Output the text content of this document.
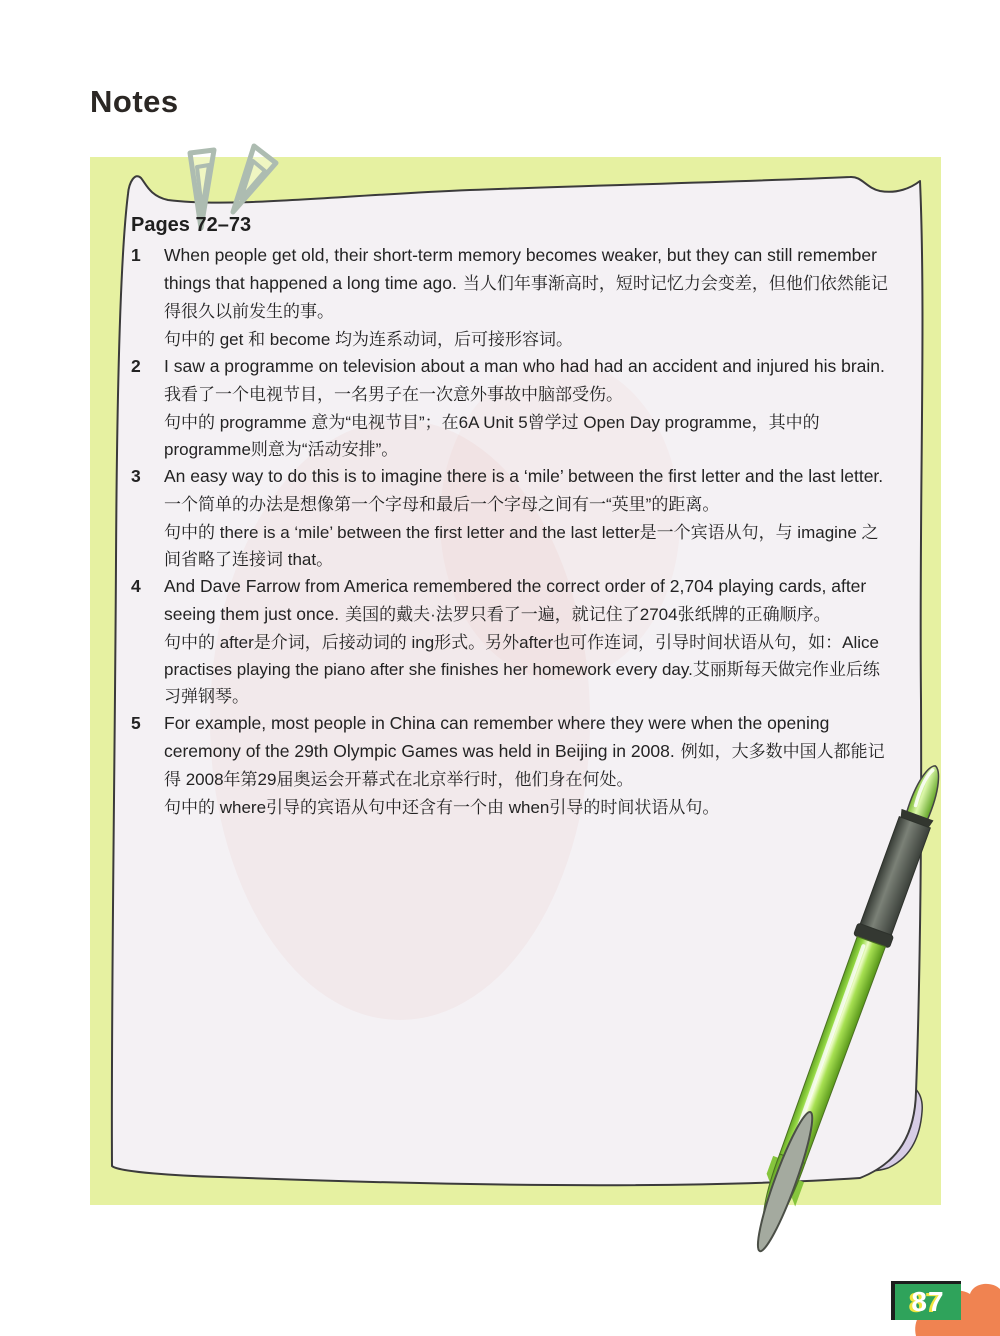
Notes
Pages 72–73
1	When people get old, their short-term memory becomes weaker, but they can still remember things that happened a long time ago. 当人们年事渐高时，短时记忆力会变差，但他们依然能记得很久以前发生的事。

句中的 get 和 become 均为连系动词，后可接形容词。

2	I saw a programme on television about a man who had had an accident and injured his brain.我看了一个电视节目，一名男子在一次意外事故中脑部受伤。

句中的 programme 意为“电视节目”；在6A Unit 5曾学过 Open Day programme，其中的 programme则意为“活动安排”。

3	An easy way to do this is to imagine there is a ‘mile’ between the first letter and the last letter.一个简单的办法是想像第一个字母和最后一个字母之间有一“英里”的距离。

句中的 there is a ‘mile’ between the first letter and the last letter是一个宾语从句，与 imagine 之间省略了连接词 that。

4	And Dave Farrow from America remembered the correct order of 2,704 playing cards, after seeing them just once. 美国的戴夫·法罗只看了一遍，就记住了2704张纸牌的正确顺序。

句中的 after是介词，后接动词的 ing形式。另外after也可作连词，引导时间状语从句，如：Alice practises playing the piano after she finishes her homework every day.艾丽斯每天做完作业后练习弹钢琴。

5	For example, most people in China can remember where they were when the opening ceremony of the 29th Olympic Games was held in Beijing in 2008. 例如，大多数中国人都能记得 2008年第29届奥运会开幕式在北京举行时，他们身在何处。

句中的 where引导的宾语从句中还含有一个由 when引导的时间状语从句。

87
